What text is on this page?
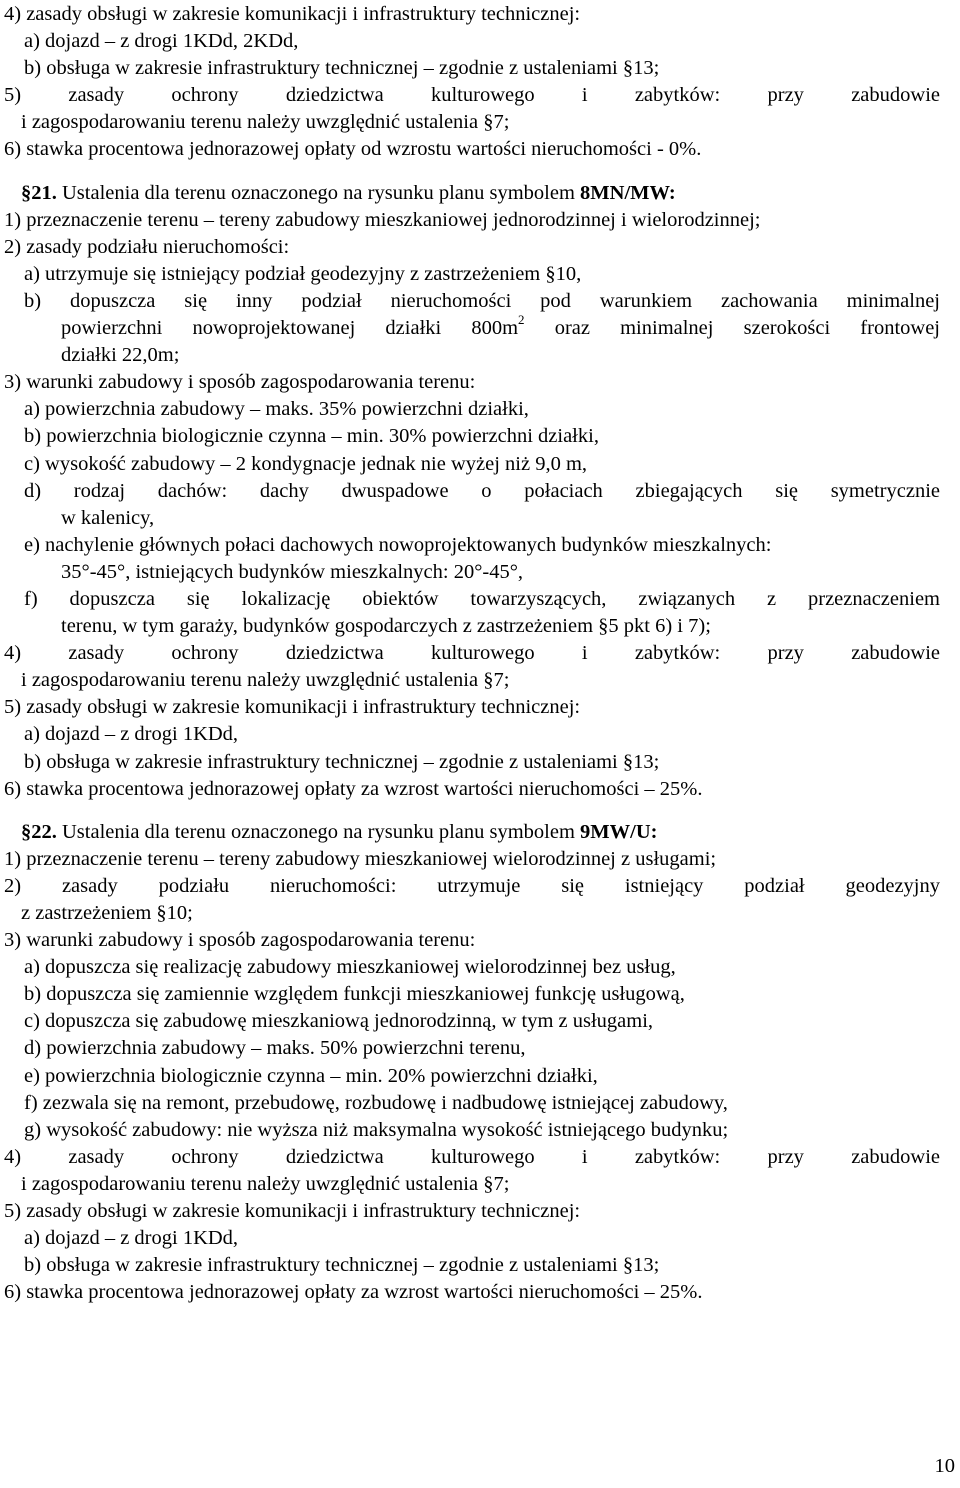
4) zasady obsługi w zakresie komunikacji i infrastruktury technicznej:
a) dojazd – z drogi 1KDd, 2KDd,
b) obsługa w zakresie infrastruktury technicznej – zgodnie z ustaleniami §13;
5) zasady ochrony dziedzictwa kulturowego i zabytków: przy zabudowie
i zagospodarowaniu terenu należy uwzględnić ustalenia §7;
6) stawka procentowa jednorazowej opłaty od wzrostu wartości nieruchomości - 0%.
§21. Ustalenia dla terenu oznaczonego na rysunku planu symbolem 8MN/MW:
1) przeznaczenie terenu – tereny zabudowy mieszkaniowej jednorodzinnej i wielorodzinnej;
2) zasady podziału nieruchomości:
a) utrzymuje się istniejący podział geodezyjny z zastrzeżeniem §10,
b) dopuszcza się inny podział nieruchomości pod warunkiem zachowania minimalnej
powierzchni nowoprojektowanej działki $800m^2$ oraz minimalnej szerokości frontowej
działki 22,0m;
3) warunki zabudowy i sposób zagospodarowania terenu:
a) powierzchnia zabudowy – maks. 35% powierzchni działki,
b) powierzchnia biologicznie czynna – min. 30% powierzchni działki,
c) wysokość zabudowy – 2 kondygnacje jednak nie wyżej niż 9,0 m,
d) rodzaj dachów: dachy dwuspadowe o połaciach zbiegających się symetrycznie
w kalenicy,
e) nachylenie głównych połaci dachowych nowoprojektowanych budynków mieszkalnych:
35°-45°, istniejących budynków mieszkalnych: 20°-45°,
f) dopuszcza się lokalizację obiektów towarzyszących, związanych z przeznaczeniem
terenu, w tym garaży, budynków gospodarczych z zastrzeżeniem §5 pkt 6) i 7);
4) zasady ochrony dziedzictwa kulturowego i zabytków: przy zabudowie
i zagospodarowaniu terenu należy uwzględnić ustalenia §7;
5) zasady obsługi w zakresie komunikacji i infrastruktury technicznej:
a) dojazd – z drogi 1KDd,
b) obsługa w zakresie infrastruktury technicznej – zgodnie z ustaleniami §13;
6) stawka procentowa jednorazowej opłaty za wzrost wartości nieruchomości – 25%.
§22. Ustalenia dla terenu oznaczonego na rysunku planu symbolem 9MW/U:
1) przeznaczenie terenu – tereny zabudowy mieszkaniowej wielorodzinnej z usługami;
2) zasady podziału nieruchomości: utrzymuje się istniejący podział geodezyjny
z zastrzeżeniem §10;
3) warunki zabudowy i sposób zagospodarowania terenu:
a) dopuszcza się realizację zabudowy mieszkaniowej wielorodzinnej bez usług,
b) dopuszcza się zamiennie względem funkcji mieszkaniowej funkcję usługową,
c) dopuszcza się zabudowę mieszkaniową jednorodzinną, w tym z usługami,
d) powierzchnia zabudowy – maks. 50% powierzchni terenu,
e) powierzchnia biologicznie czynna – min. 20% powierzchni działki,
f) zezwala się na remont, przebudowę, rozbudowę i nadbudowę istniejącej zabudowy,
g) wysokość zabudowy: nie wyższa niż maksymalna wysokość istniejącego budynku;
4) zasady ochrony dziedzictwa kulturowego i zabytków: przy zabudowie
i zagospodarowaniu terenu należy uwzględnić ustalenia §7;
5) zasady obsługi w zakresie komunikacji i infrastruktury technicznej:
a) dojazd – z drogi 1KDd,
b) obsługa w zakresie infrastruktury technicznej – zgodnie z ustaleniami §13;
6) stawka procentowa jednorazowej opłaty za wzrost wartości nieruchomości – 25%.
10
